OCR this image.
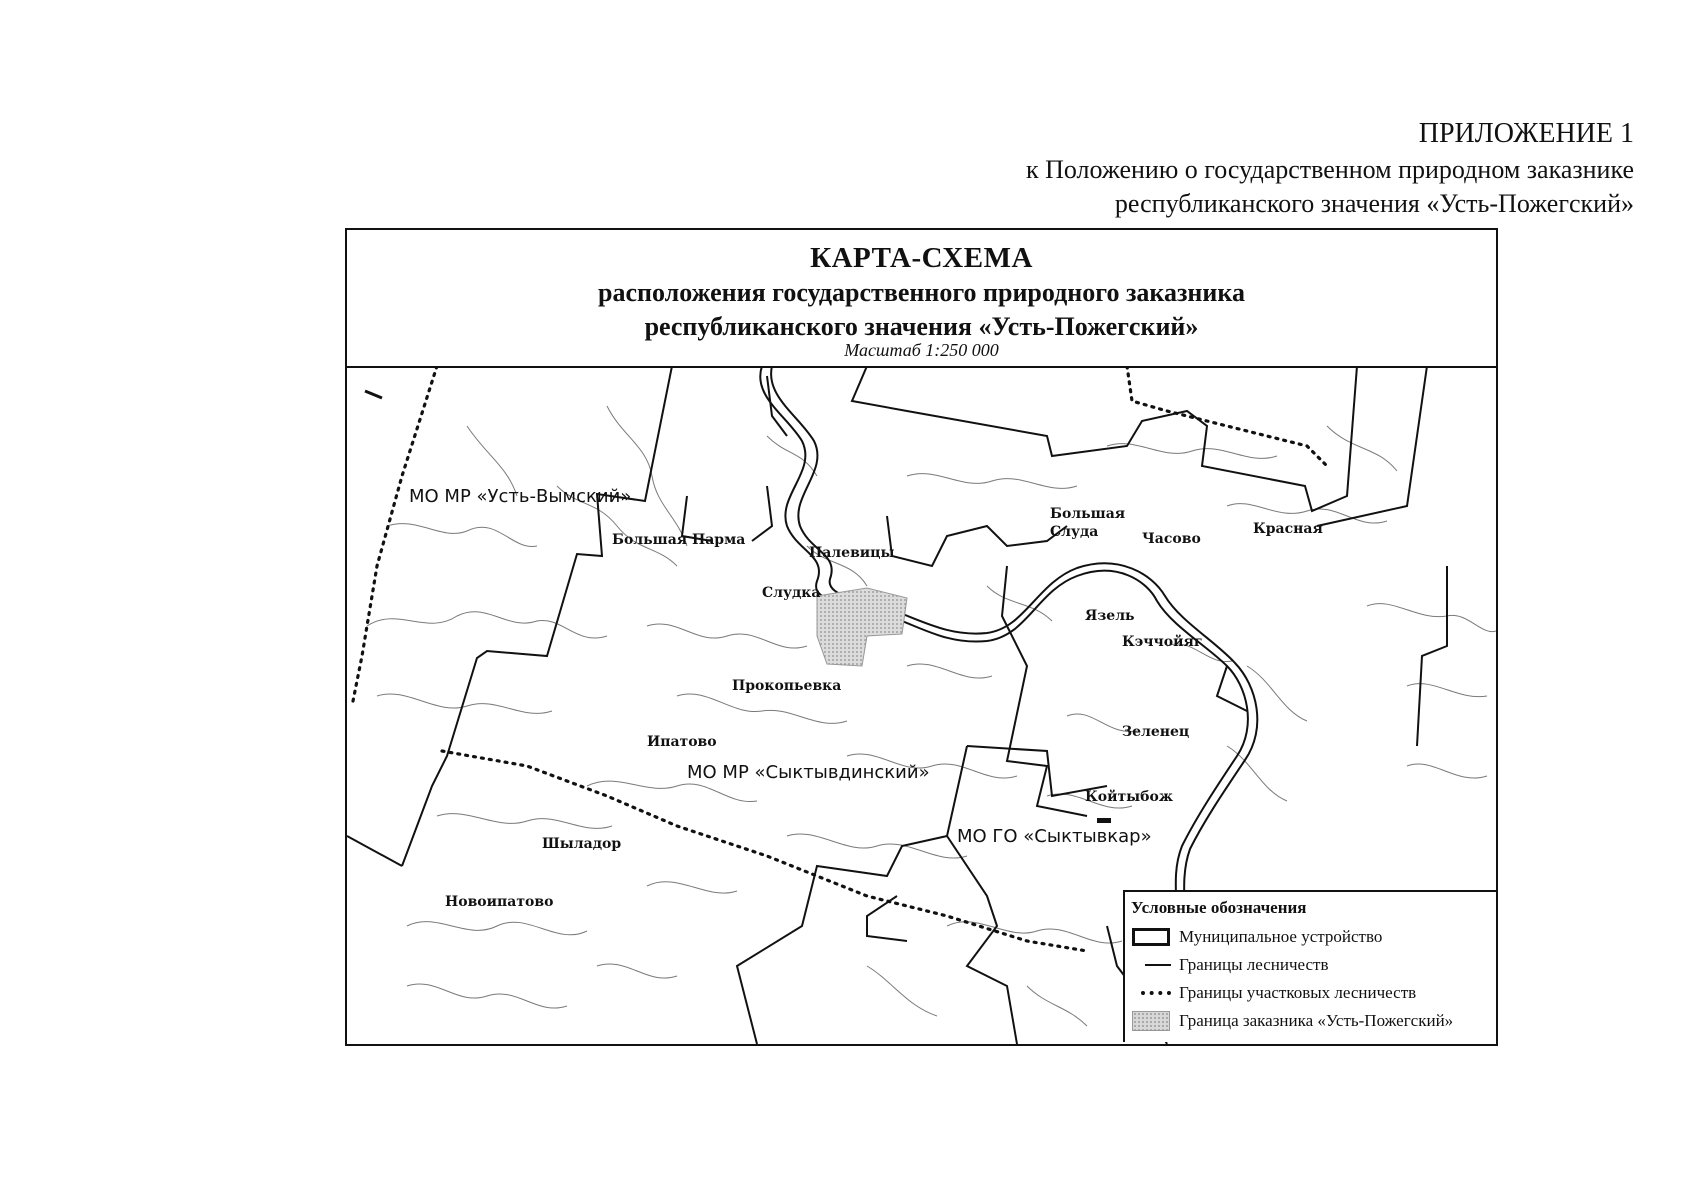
ПРИЛОЖЕНИЕ 1
к Положению о государственном природном заказнике
республиканского значения «Усть-Пожегский»
КАРТА-СХЕМА
расположения государственного природного заказника
республиканского значения «Усть-Пожегский»
Масштаб 1:250 000
МО МР «Усть-Вымский»
МО МР «Сыктывдинский»
МО ГО «Сыктывкар»
Большая Парма
Палевицы
Слудка
Прокопьевка
Ипатово
Шыладор
Новоипатово
Большая
Слуда	Часово
Красная
Язель
Кэччойяг
Зеленец
Койтыбож
Условные обозначения
Муниципальное устройство
Границы лесничеств
Границы участковых лесничеств
Граница заказника «Усть-Пожегский»
